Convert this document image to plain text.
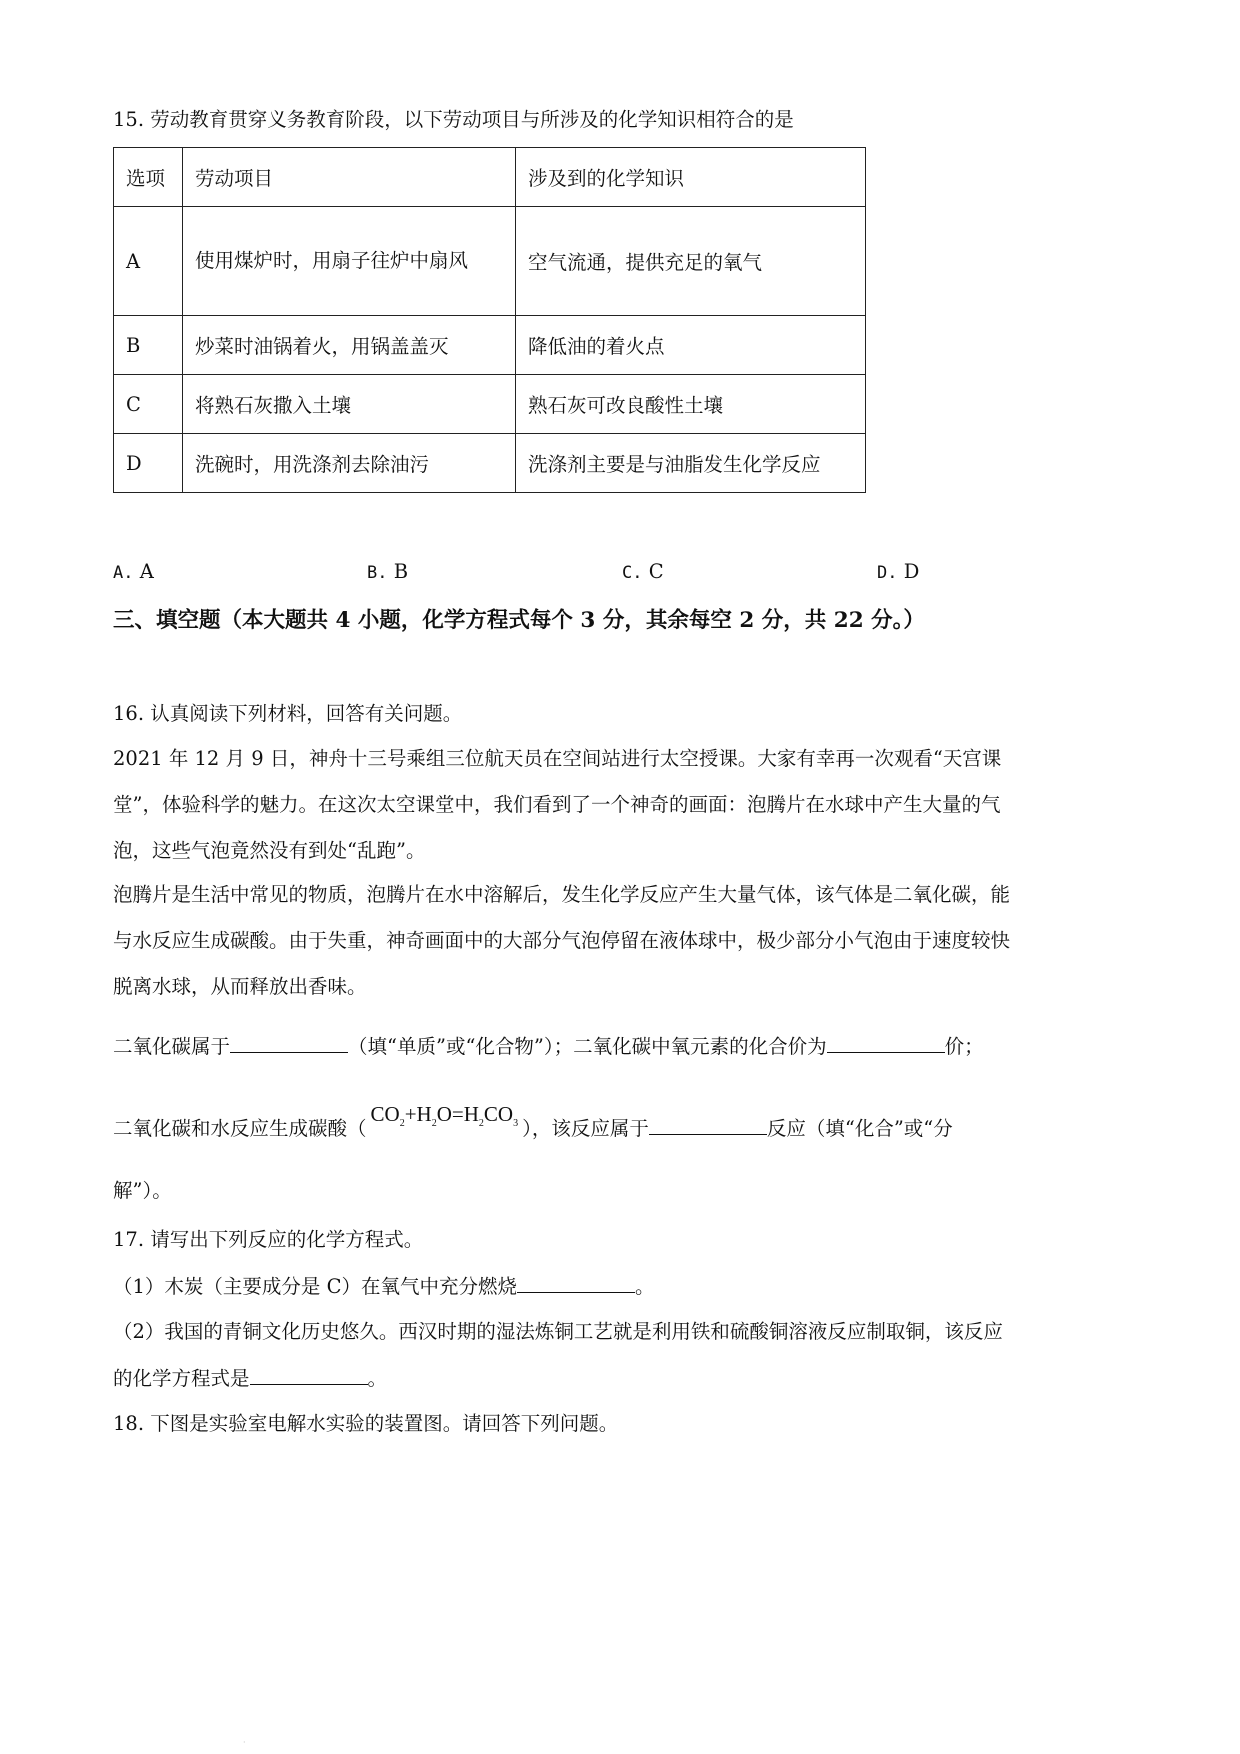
15. 劳动教育贯穿义务教育阶段，以下劳动项目与所涉及的化学知识相符合的是
选项	劳动项目	涉及到的化学知识
A	使用煤炉时，用扇子往炉中扇风	空气流通，提供充足的氧气
B	炒菜时油锅着火，用锅盖盖灭	降低油的着火点
C	将熟石灰撒入土壤	熟石灰可改良酸性土壤
D	洗碗时，用洗涤剂去除油污	洗涤剂主要是与油脂发生化学反应
A. A	B. B	C. C	D. D
三、填空题（本大题共 4 小题，化学方程式每个 3 分，其余每空 2 分，共 22 分。）
16. 认真阅读下列材料，回答有关问题。
2021 年 12 月 9 日，神舟十三号乘组三位航天员在空间站进行太空授课。大家有幸再一次观看“天宫课
堂”，体验科学的魅力。在这次太空课堂中，我们看到了一个神奇的画面：泡腾片在水球中产生大量的气
泡，这些气泡竟然没有到处“乱跑”。
泡腾片是生活中常见的物质，泡腾片在水中溶解后，发生化学反应产生大量气体，该气体是二氧化碳，能
与水反应生成碳酸。由于失重，神奇画面中的大部分气泡停留在液体球中，极少部分小气泡由于速度较快
脱离水球，从而释放出香味。
二氧化碳属于	（填“单质”或“化合物”）；二氧化碳中氧元素的化合价为	价；
二氧化碳和水反应生成碳酸（$CO_2+H_2O=H_2CO_3$ ），该反应属于	反应（填“化合”或“分
解”）。
17. 请写出下列反应的化学方程式。
（1）木炭（主要成分是 C）在氧气中充分燃烧	。
（2）我国的青铜文化历史悠久。西汉时期的湿法炼铜工艺就是利用铁和硫酸铜溶液反应制取铜，该反应
的化学方程式是	。
18. 下图是实验室电解水实验的装置图。请回答下列问题。
·
